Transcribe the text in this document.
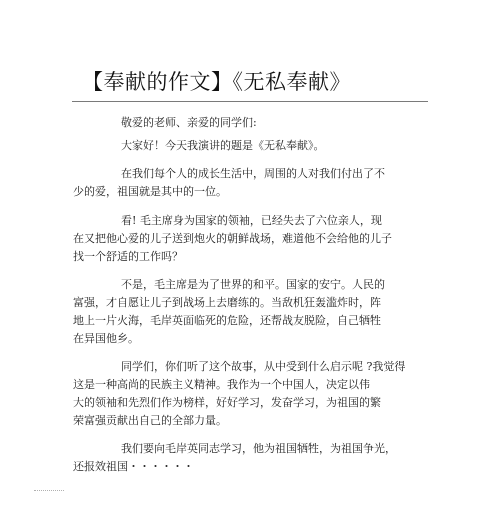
【奉献的作文】《无私奉献》
敬爱的老师、亲爱的同学们:
大家好！今天我演讲的题是《无私奉献》。
在我们每个人的成长生活中，周围的人对我们付出了不
少的爱，祖国就是其中的一位。
看! 毛主席身为国家的领袖，已经失去了六位亲人，现
在又把他心爱的儿子送到炮火的朝鲜战场，难道他不会给他的儿子
找一个舒适的工作吗？
不是，毛主席是为了世界的和平。国家的安宁。人民的
富强，才自愿让儿子到战场上去磨练的。当敌机狂轰滥炸时，阵
地上一片火海，毛岸英面临死的危险，还帮战友脱险，自己牺牲
在异国他乡。
同学们，你们听了这个故事，从中受到什么启示呢 ?我觉得
这是一种高尚的民族主义精神。我作为一个中国人，决定以伟
大的领袖和先烈们作为榜样，好好学习，发奋学习，为祖国的繁
荣富强贡献出自己的全部力量。
我们要向毛岸英同志学习，他为祖国牺牲，为祖国争光，
还报效祖国・・・・・・
